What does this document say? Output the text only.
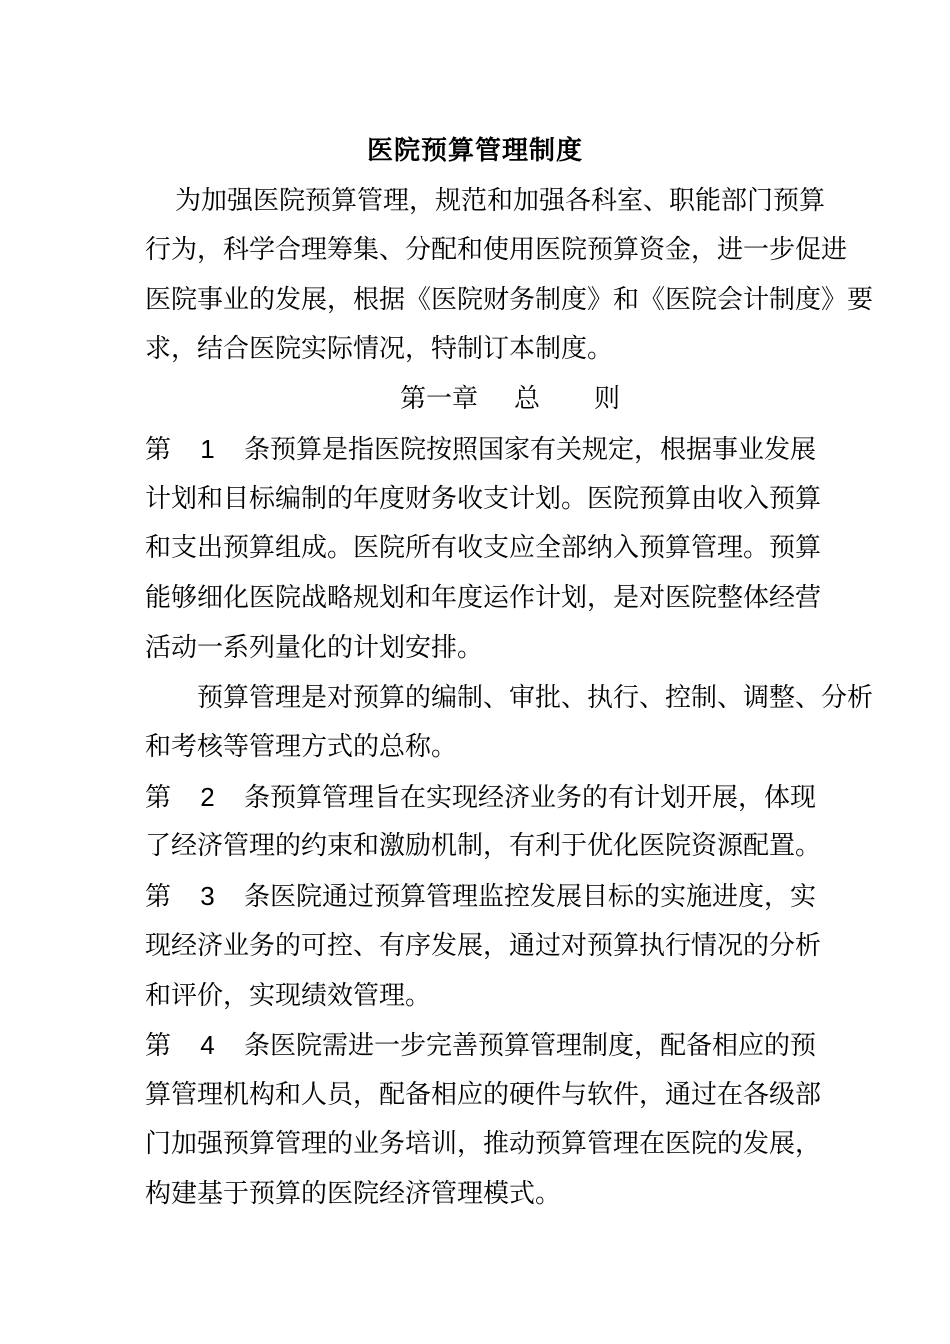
医院预算管理制度
为加强医院预算管理，规范和加强各科室、职能部门预算
行为，科学合理筹集、分配和使用医院预算资金，进一步促进
医院事业的发展，根据《医院财务制度》和《医院会计制度》要
求，结合医院实际情况，特制订本制度。
第一章 总 则
第1条预算是指医院按照国家有关规定，根据事业发展
计划和目标编制的年度财务收支计划。医院预算由收入预算
和支出预算组成。医院所有收支应全部纳入预算管理。预算
能够细化医院战略规划和年度运作计划，是对医院整体经营
活动一系列量化的计划安排。
预算管理是对预算的编制、审批、执行、控制、调整、分析
和考核等管理方式的总称。
第2条预算管理旨在实现经济业务的有计划开展，体现
了经济管理的约束和激励机制，有利于优化医院资源配置。
第3条医院通过预算管理监控发展目标的实施进度，实
现经济业务的可控、有序发展，通过对预算执行情况的分析
和评价，实现绩效管理。
第4条医院需进一步完善预算管理制度，配备相应的预
算管理机构和人员，配备相应的硬件与软件，通过在各级部
门加强预算管理的业务培训，推动预算管理在医院的发展，
构建基于预算的医院经济管理模式。
